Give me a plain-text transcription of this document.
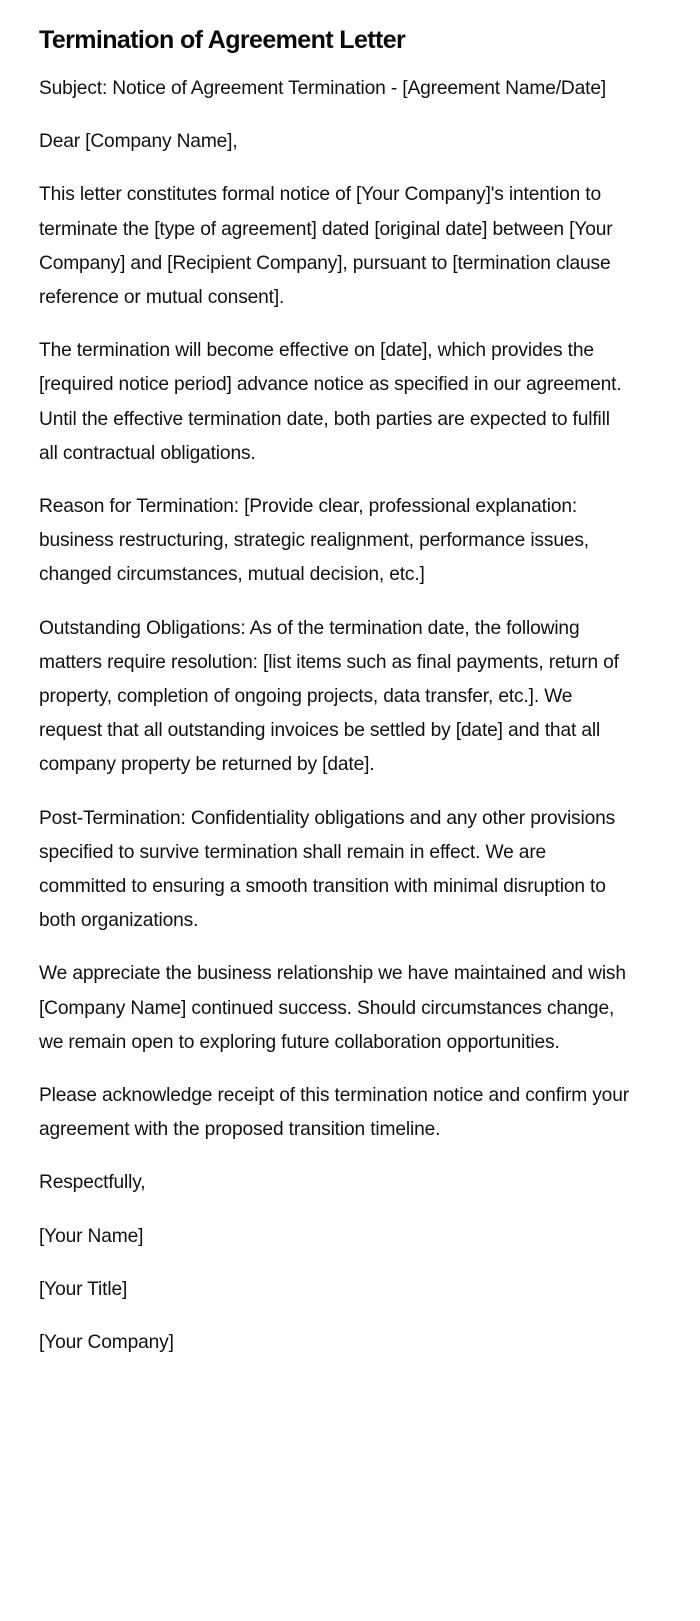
Termination of Agreement Letter

Subject: Notice of Agreement Termination - [Agreement Name/Date]

Dear [Company Name],

This letter constitutes formal notice of [Your Company]'s intention to terminate the [type of agreement] dated [original date] between [Your Company] and [Recipient Company], pursuant to [termination clause reference or mutual consent].

The termination will become effective on [date], which provides the [required notice period] advance notice as specified in our agreement. Until the effective termination date, both parties are expected to fulfill all contractual obligations.

Reason for Termination: [Provide clear, professional explanation: business restructuring, strategic realignment, performance issues, changed circumstances, mutual decision, etc.]

Outstanding Obligations: As of the termination date, the following matters require resolution: [list items such as final payments, return of property, completion of ongoing projects, data transfer, etc.]. We request that all outstanding invoices be settled by [date] and that all company property be returned by [date].

Post-Termination: Confidentiality obligations and any other provisions specified to survive termination shall remain in effect. We are committed to ensuring a smooth transition with minimal disruption to both organizations.

We appreciate the business relationship we have maintained and wish [Company Name] continued success. Should circumstances change, we remain open to exploring future collaboration opportunities.

Please acknowledge receipt of this termination notice and confirm your agreement with the proposed transition timeline.

Respectfully,

[Your Name]

[Your Title]

[Your Company]
